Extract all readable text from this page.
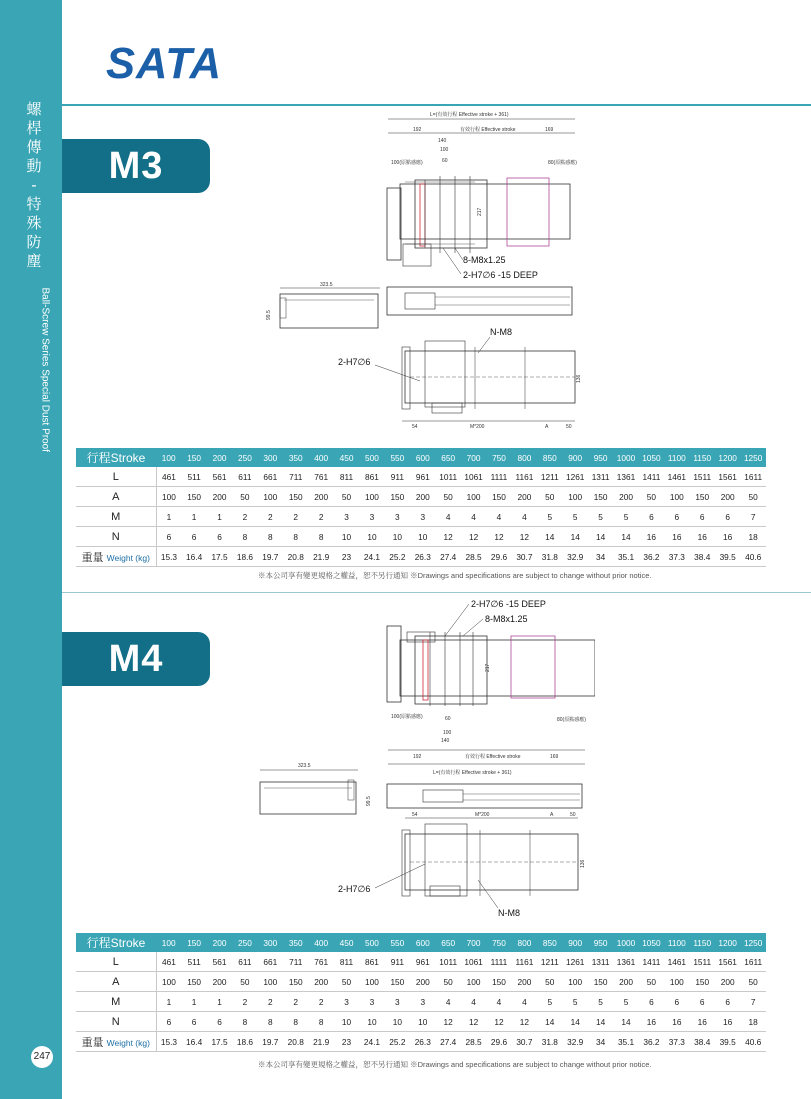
螺
桿
傳
動
-
特
殊
防
塵
Ball-Screw Series Special Dust Proof
247
SATA
M3
L=(有效行程 Effective stroke + 361)
192	有效行程 Effective stroke	169
140
100
60
100(原點感應)	80(原點感應)
217
8-M8x1.25
2-H7∅6 -15 DEEP
323.5
99.5
N-M8
2-H7∅6
136
54	M*200	A	50
行程Stroke	100	150	200	250	300	350	400	450	500	550	600	650	700	750	800	850	900	950	1000	1050	1100	1150	1200	1250
L	461	511	561	611	661	711	761	811	861	911	961	1011	1061	1111	1161	1211	1261	1311	1361	1411	1461	1511	1561	1611
A	100	150	200	50	100	150	200	50	100	150	200	50	100	150	200	50	100	150	200	50	100	150	200	50
M	1	1	1	2	2	2	2	3	3	3	3	4	4	4	4	5	5	5	5	6	6	6	6	7
N	6	6	6	8	8	8	8	10	10	10	10	12	12	12	12	14	14	14	14	16	16	16	16	18
重量 Weight (kg)	15.3	16.4	17.5	18.6	19.7	20.8	21.9	23	24.1	25.2	26.3	27.4	28.5	29.6	30.7	31.8	32.9	34	35.1	36.2	37.3	38.4	39.5	40.6
※本公司享有變更規格之權益，恕不另行通知 ※Drawings and specifications are subject to change without prior notice.
M4
2-H7∅6 -15 DEEP
8-M8x1.25
217
100(原點感應)	80(原點感應)
60
100
140
192	有效行程 Effective stroke	169
L=(有效行程 Effective stroke + 361)
323.5
99.5
54	M*200	A	50
136
2-H7∅6
N-M8
行程Stroke	100	150	200	250	300	350	400	450	500	550	600	650	700	750	800	850	900	950	1000	1050	1100	1150	1200	1250
L	461	511	561	611	661	711	761	811	861	911	961	1011	1061	1111	1161	1211	1261	1311	1361	1411	1461	1511	1561	1611
A	100	150	200	50	100	150	200	50	100	150	200	50	100	150	200	50	100	150	200	50	100	150	200	50
M	1	1	1	2	2	2	2	3	3	3	3	4	4	4	4	5	5	5	5	6	6	6	6	7
N	6	6	6	8	8	8	8	10	10	10	10	12	12	12	12	14	14	14	14	16	16	16	16	18
重量 Weight (kg)	15.3	16.4	17.5	18.6	19.7	20.8	21.9	23	24.1	25.2	26.3	27.4	28.5	29.6	30.7	31.8	32.9	34	35.1	36.2	37.3	38.4	39.5	40.6
※本公司享有變更規格之權益，恕不另行通知 ※Drawings and specifications are subject to change without prior notice.
